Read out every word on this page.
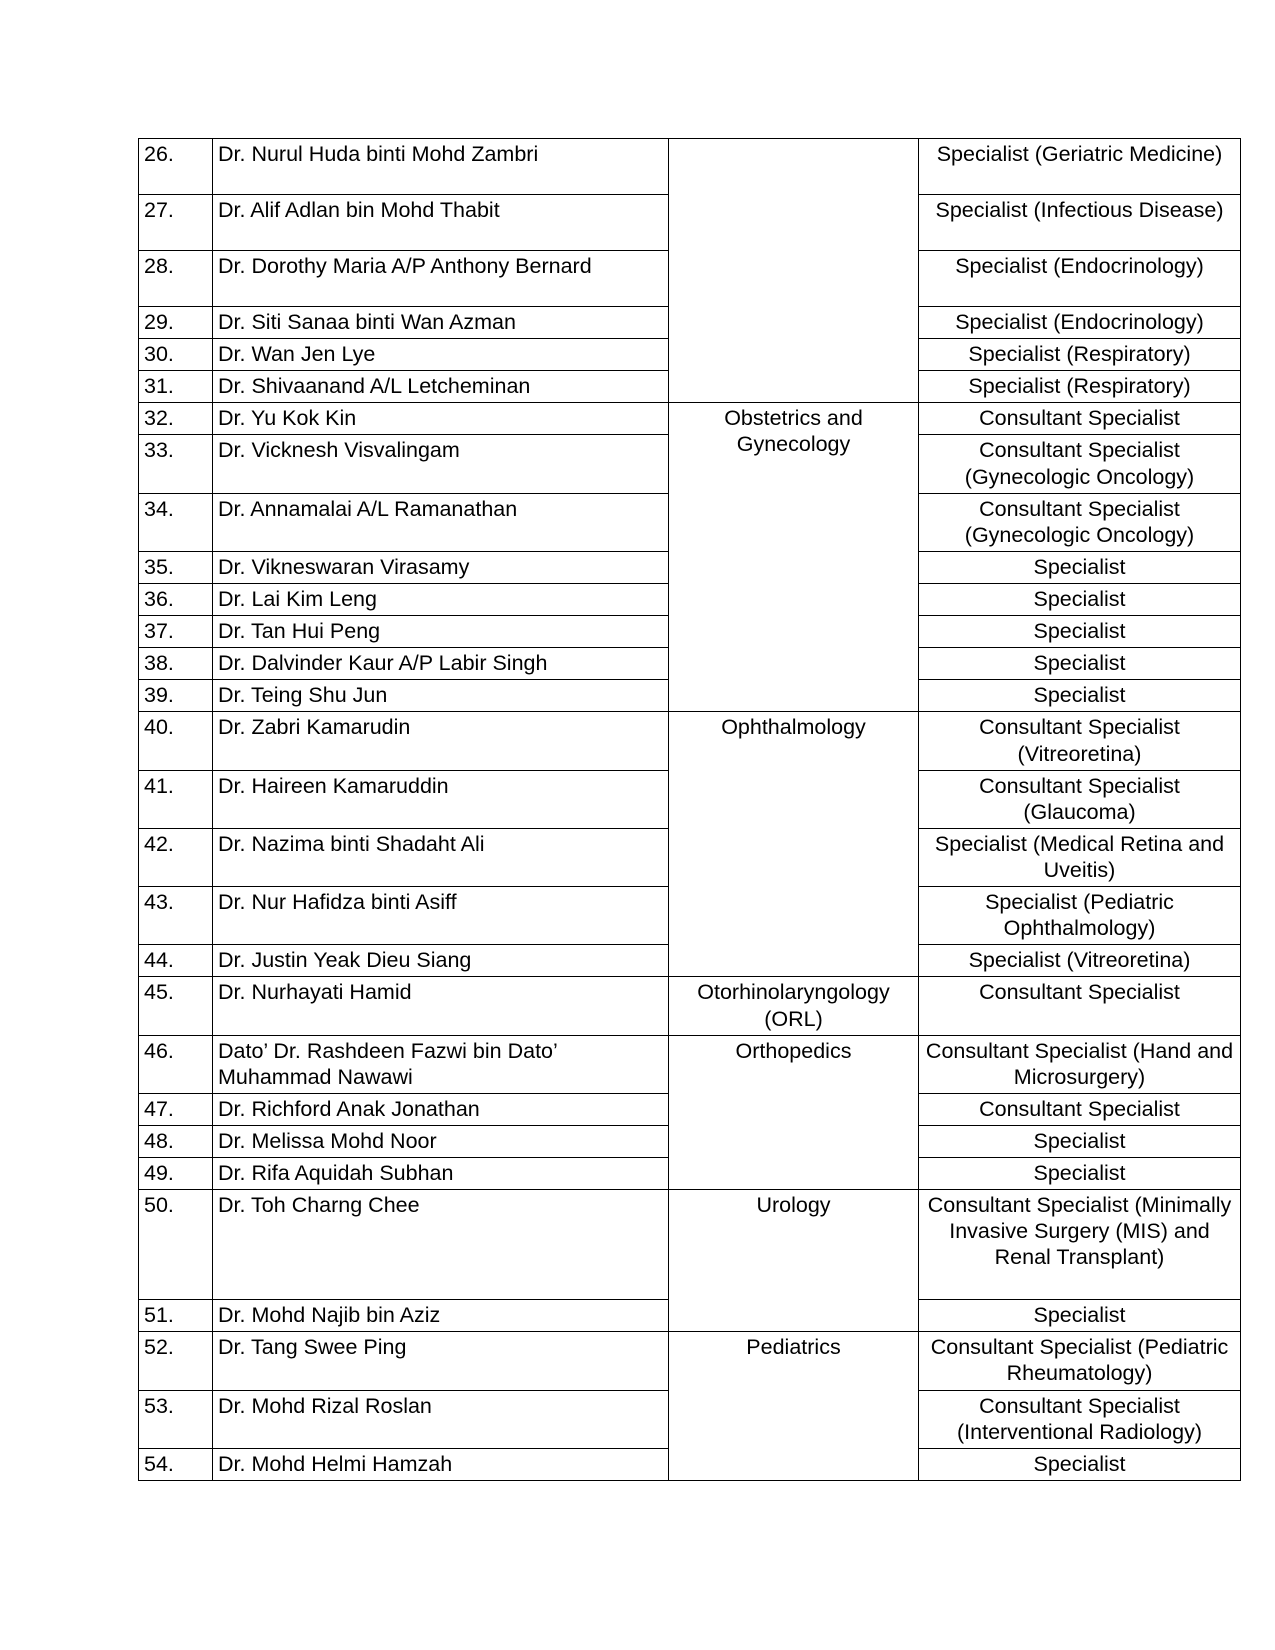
26.	Dr. Nurul Huda binti Mohd Zambri		Specialist (Geriatric Medicine)
27.	Dr. Alif Adlan bin Mohd Thabit		Specialist (Infectious Disease)
28.	Dr. Dorothy Maria A/P Anthony Bernard		Specialist (Endocrinology)
29.	Dr. Siti Sanaa binti Wan Azman		Specialist (Endocrinology)
30.	Dr. Wan Jen Lye		Specialist (Respiratory)
31.	Dr. Shivaanand A/L Letcheminan		Specialist (Respiratory)
32.	Dr. Yu Kok Kin	Obstetrics and Gynecology	Consultant Specialist
33.	Dr. Vicknesh Visvalingam		Consultant Specialist (Gynecologic Oncology)
34.	Dr. Annamalai A/L Ramanathan		Consultant Specialist (Gynecologic Oncology)
35.	Dr. Vikneswaran Virasamy		Specialist
36.	Dr. Lai Kim Leng		Specialist
37.	Dr. Tan Hui Peng		Specialist
38.	Dr. Dalvinder Kaur A/P Labir Singh		Specialist
39.	Dr. Teing Shu Jun		Specialist
40.	Dr. Zabri Kamarudin	Ophthalmology	Consultant Specialist (Vitreoretina)
41.	Dr. Haireen Kamaruddin		Consultant Specialist (Glaucoma)
42.	Dr. Nazima binti Shadaht Ali		Specialist (Medical Retina and Uveitis)
43.	Dr. Nur Hafidza binti Asiff		Specialist (Pediatric Ophthalmology)
44.	Dr. Justin Yeak Dieu Siang		Specialist (Vitreoretina)
45.	Dr. Nurhayati Hamid	Otorhinolaryngology (ORL)	Consultant Specialist
46.	Dato’ Dr. Rashdeen Fazwi bin Dato’ Muhammad Nawawi	Orthopedics	Consultant Specialist (Hand and Microsurgery)
47.	Dr. Richford Anak Jonathan		Consultant Specialist
48.	Dr. Melissa Mohd Noor		Specialist
49.	Dr. Rifa Aquidah Subhan		Specialist
50.	Dr. Toh Charng Chee	Urology	Consultant Specialist (Minimally Invasive Surgery (MIS) and Renal Transplant)
51.	Dr. Mohd Najib bin Aziz		Specialist
52.	Dr. Tang Swee Ping	Pediatrics	Consultant Specialist (Pediatric Rheumatology)
53.	Dr. Mohd Rizal Roslan		Consultant Specialist (Interventional Radiology)
54.	Dr. Mohd Helmi Hamzah		Specialist
